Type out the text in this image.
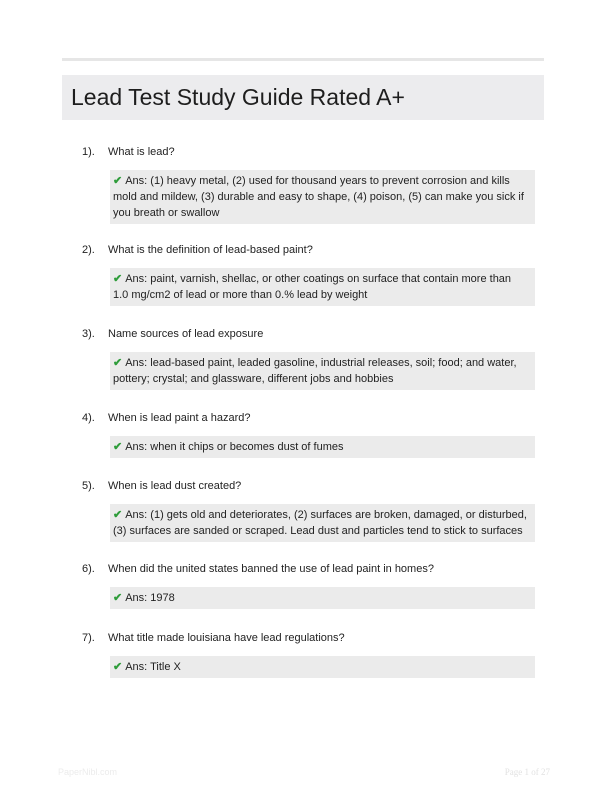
Lead Test Study Guide Rated A+
1).	What is lead?
✔ Ans: (1) heavy metal, (2) used for thousand years to prevent corrosion and kills mold and mildew, (3) durable and easy to shape, (4) poison, (5) can make you sick if you breath or swallow
2).	What is the definition of lead-based paint?
✔ Ans: paint, varnish, shellac, or other coatings on surface that contain more than 1.0 mg/cm2 of lead or more than 0.% lead by weight
3).	Name sources of lead exposure
✔ Ans: lead-based paint, leaded gasoline, industrial releases, soil; food; and water, pottery; crystal; and glassware, different jobs and hobbies
4).	When is lead paint a hazard?
✔ Ans: when it chips or becomes dust of fumes
5).	When is lead dust created?
✔ Ans: (1) gets old and deteriorates, (2) surfaces are broken, damaged, or disturbed, (3) surfaces are sanded or scraped. Lead dust and particles tend to stick to surfaces
6).	When did the united states banned the use of lead paint in homes?
✔ Ans: 1978
7).	What title made louisiana have lead regulations?
✔ Ans: Title X
PaperNibl.com	Page 1 of 27
